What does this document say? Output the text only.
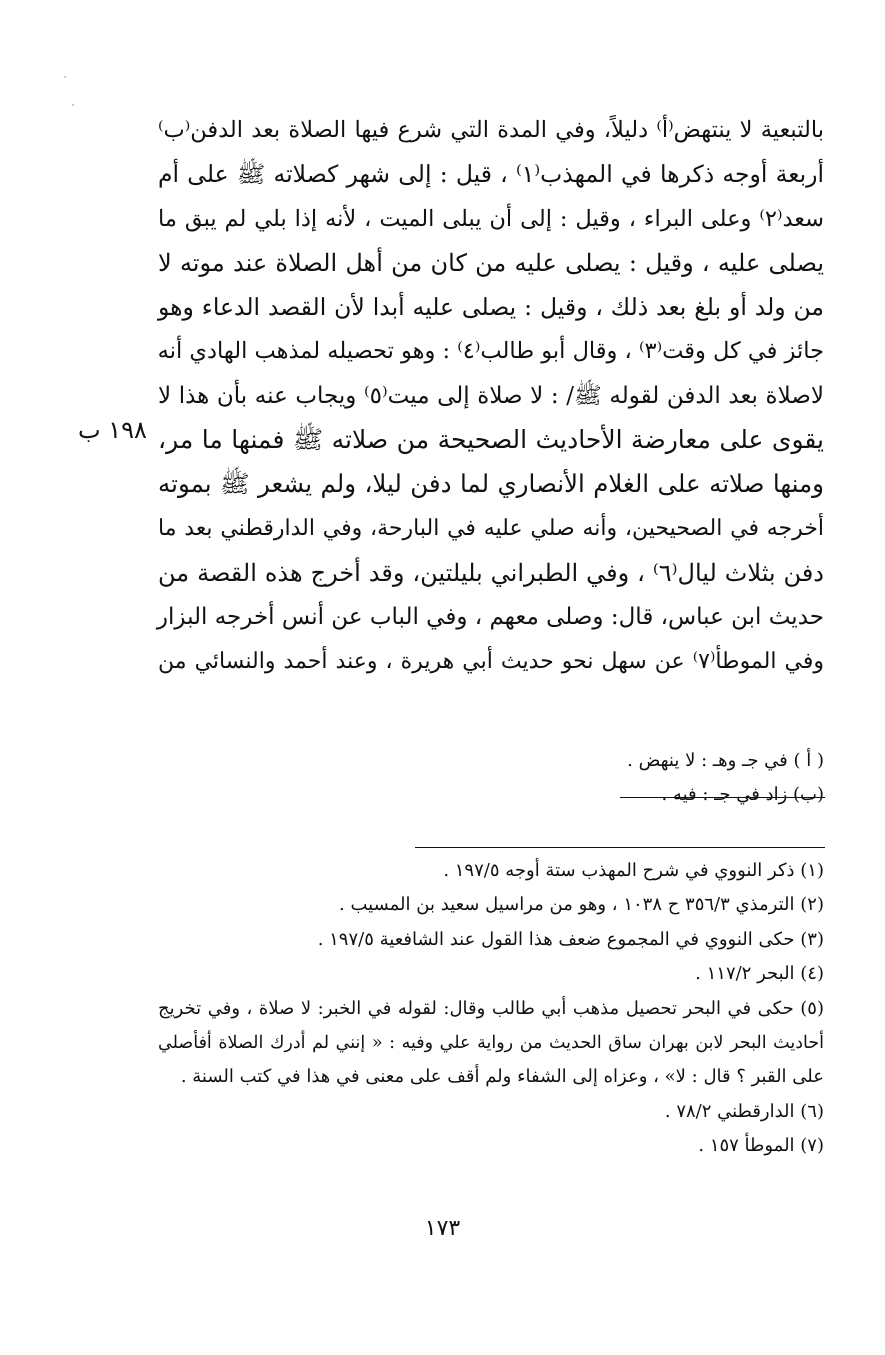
١٩٨ ب
بالتبعية لا ينتهض⁽أ⁾ دليلاً، وفي المدة التي شرع فيها الصلاة بعد الدفن⁽ب⁾
أربعة أوجه ذكرها في المهذب⁽١⁾ ، قيل : إلى شهر كصلاته ﷺ على أم
سعد⁽٢⁾ وعلى البراء ، وقيل : إلى أن يبلى الميت ، لأنه إذا بلي لم يبق ما
يصلى عليه ، وقيل : يصلى عليه من كان من أهل الصلاة عند موته لا
من ولد أو بلغ بعد ذلك ، وقيل : يصلى عليه أبدا لأن القصد الدعاء وهو
جائز في كل وقت⁽٣⁾ ، وقال أبو طالب⁽٤⁾ : وهو تحصيله لمذهب الهادي أنه
لاصلاة بعد الدفن لقوله ﷺ/ : لا صلاة إلى ميت⁽٥⁾ ويجاب عنه بأن هذا لا
يقوى على معارضة الأحاديث الصحيحة من صلاته ﷺ فمنها ما مر،
ومنها صلاته على الغلام الأنصاري لما دفن ليلا، ولم يشعر ﷺ بموته
أخرجه في الصحيحين، وأنه صلي عليه في البارحة، وفي الدارقطني بعد ما
دفن بثلاث ليال⁽٦⁾ ، وفي الطبراني بليلتين، وقد أخرج هذه القصة من
حديث ابن عباس، قال: وصلى معهم ، وفي الباب عن أنس أخرجه البزار
وفي الموطأ⁽٧⁾ عن سهل نحو حديث أبي هريرة ، وعند أحمد والنسائي من
( أ ) في جـ وهـ : لا ينهض .
(ب) زاد في جـ : فيه .
(١) ذكر النووي في شرح المهذب ستة أوجه ١٩٧/٥ .
(٢) الترمذي ٣٥٦/٣ ح ١٠٣٨ ، وهو من مراسيل سعيد بن المسيب .
(٣) حكى النووي في المجموع ضعف هذا القول عند الشافعية ١٩٧/٥ .
(٤) البحر ١١٧/٢ .
(٥) حكى في البحر تحصيل مذهب أبي طالب وقال: لقوله في الخبر: لا صلاة ، وفي تخريج
أحاديث البحر لابن بهران ساق الحديث من رواية علي وفيه : « إنني لم أدرك الصلاة أفأصلي
على القبر ؟ قال : لا» ، وعزاه إلى الشفاء ولم أقف على معنى في هذا في كتب السنة .
(٦) الدارقطني ٧٨/٢ .
(٧) الموطأ ١٥٧ .
١٧٣
